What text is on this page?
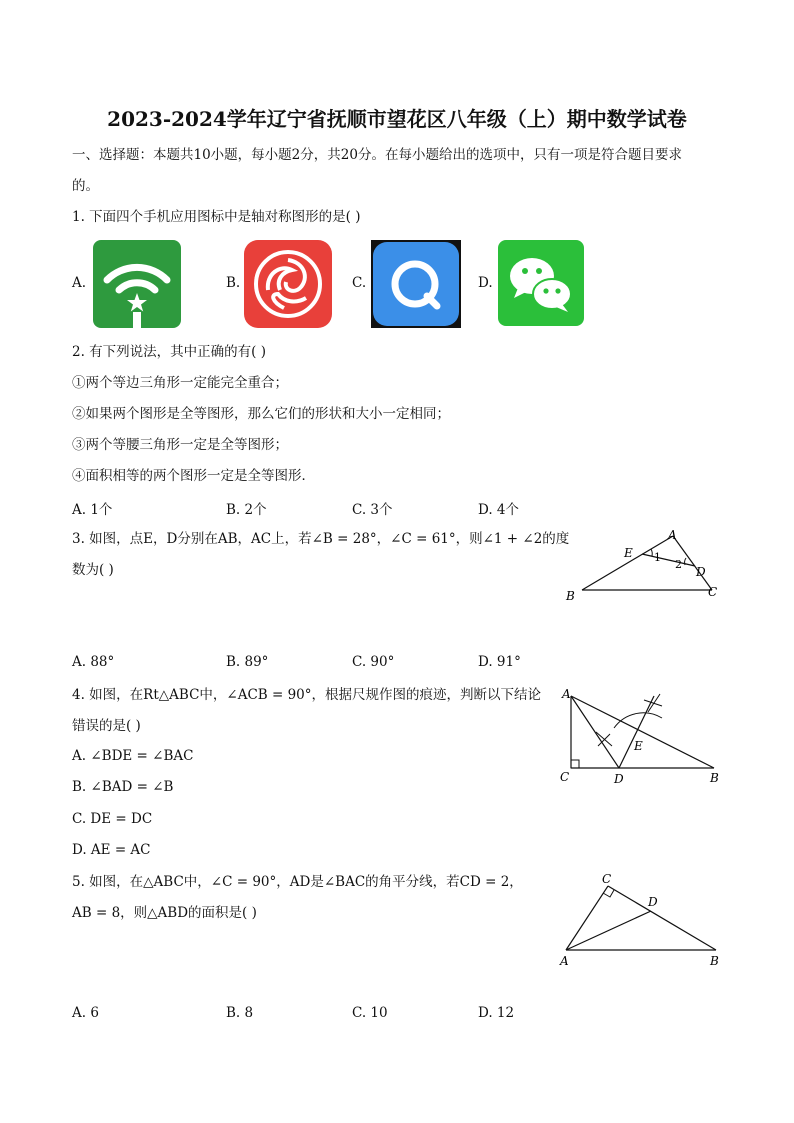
2023-2024学年辽宁省抚顺市望花区八年级（上）期中数学试卷
一、选择题：本题共10小题，每小题2分，共20分。在每小题给出的选项中，只有一项是符合题目要求
的。
1. 下面四个手机应用图标中是轴对称图形的是( )
A.	B.	C.	D.
2. 有下列说法，其中正确的有( )
①两个等边三角形一定能完全重合；
②如果两个图形是全等图形，那么它们的形状和大小一定相同；
③两个等腰三角形一定是全等图形；
④面积相等的两个图形一定是全等图形．
A. 1个	B. 2个	C. 3个	D. 4个
3. 如图，点E，D分别在AB，AC上，若∠B = 28°，∠C = 61°，则∠1 + ∠2的度
数为( )
A
B	C
D
E 1
2
A. 88°	B. 89°	C. 90°	D. 91°
4. 如图，在Rt△ABC中，∠ACB = 90°，根据尺规作图的痕迹，判断以下结论
错误的是( )
A
B
C	D
E
A. ∠BDE = ∠BAC
B. ∠BAD = ∠B
C. DE = DC
D. AE = AC
5. 如图，在△ABC中，∠C = 90°，AD是∠BAC的角平分线，若CD = 2，
AB = 8，则△ABD的面积是( )
C
D
A	B
A. 6	B. 8	C. 10	D. 12
